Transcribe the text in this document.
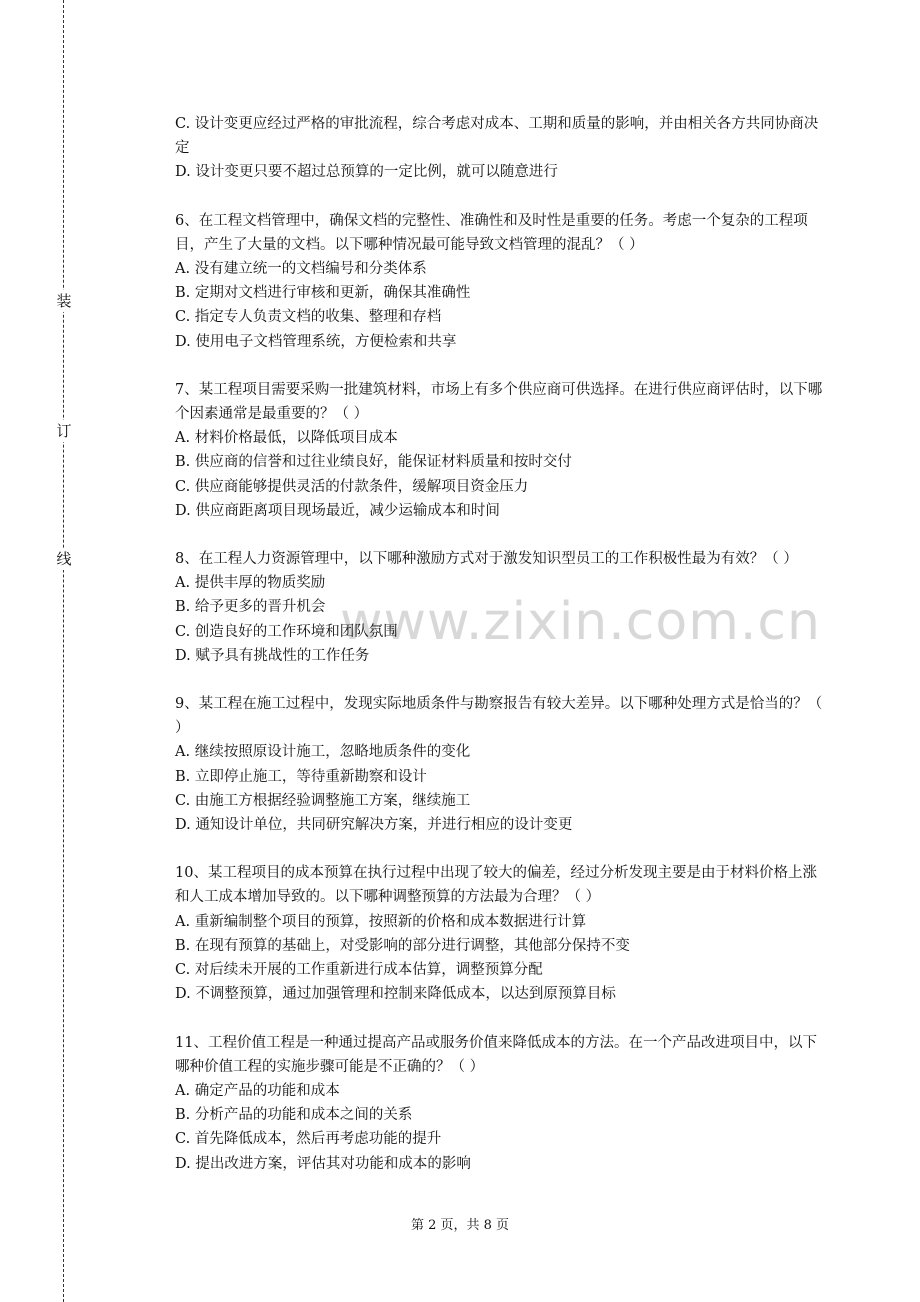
装
订
线
www.zixin.com.cn
C. 设计变更应经过严格的审批流程，综合考虑对成本、工期和质量的影响，并由相关各方共同协商决定
D. 设计变更只要不超过总预算的一定比例，就可以随意进行
6、在工程文档管理中，确保文档的完整性、准确性和及时性是重要的任务。考虑一个复杂的工程项目，产生了大量的文档。以下哪种情况最可能导致文档管理的混乱？（ ）
A. 没有建立统一的文档编号和分类体系
B. 定期对文档进行审核和更新，确保其准确性
C. 指定专人负责文档的收集、整理和存档
D. 使用电子文档管理系统，方便检索和共享
7、某工程项目需要采购一批建筑材料，市场上有多个供应商可供选择。在进行供应商评估时，以下哪个因素通常是最重要的？（ ）
A. 材料价格最低，以降低项目成本
B. 供应商的信誉和过往业绩良好，能保证材料质量和按时交付
C. 供应商能够提供灵活的付款条件，缓解项目资金压力
D. 供应商距离项目现场最近，减少运输成本和时间
8、在工程人力资源管理中，以下哪种激励方式对于激发知识型员工的工作积极性最为有效？（ ）
A. 提供丰厚的物质奖励
B. 给予更多的晋升机会
C. 创造良好的工作环境和团队氛围
D. 赋予具有挑战性的工作任务
9、某工程在施工过程中，发现实际地质条件与勘察报告有较大差异。以下哪种处理方式是恰当的？（ ）
A. 继续按照原设计施工，忽略地质条件的变化
B. 立即停止施工，等待重新勘察和设计
C. 由施工方根据经验调整施工方案，继续施工
D. 通知设计单位，共同研究解决方案，并进行相应的设计变更
10、某工程项目的成本预算在执行过程中出现了较大的偏差，经过分析发现主要是由于材料价格上涨和人工成本增加导致的。以下哪种调整预算的方法最为合理？（ ）
A. 重新编制整个项目的预算，按照新的价格和成本数据进行计算
B. 在现有预算的基础上，对受影响的部分进行调整，其他部分保持不变
C. 对后续未开展的工作重新进行成本估算，调整预算分配
D. 不调整预算，通过加强管理和控制来降低成本，以达到原预算目标
11、工程价值工程是一种通过提高产品或服务价值来降低成本的方法。在一个产品改进项目中，以下哪种价值工程的实施步骤可能是不正确的？（ ）
A. 确定产品的功能和成本
B. 分析产品的功能和成本之间的关系
C. 首先降低成本，然后再考虑功能的提升
D. 提出改进方案，评估其对功能和成本的影响
第 2 页，共 8 页
